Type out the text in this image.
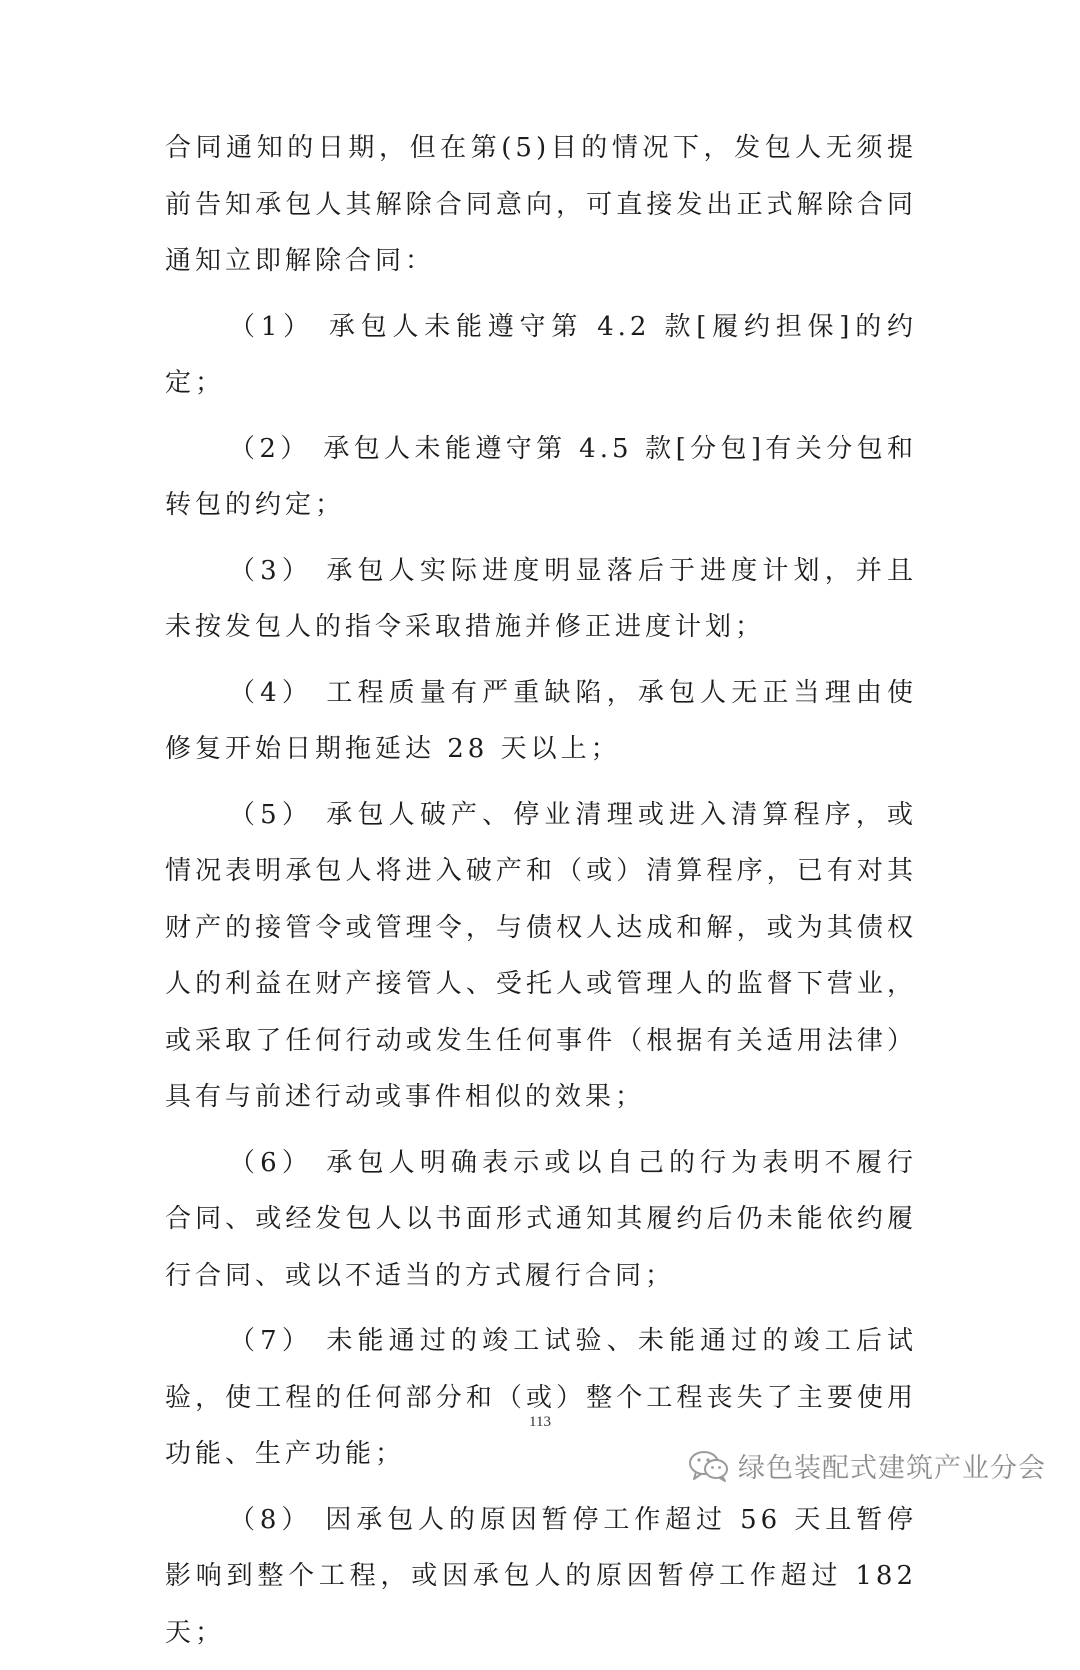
合同通知的日期，但在第(5)目的情况下，发包人无须提前告知承包人其解除合同意向，可直接发出正式解除合同通知立即解除合同：

（1） 承包人未能遵守第 4.2 款[履约担保]的约定；

（2） 承包人未能遵守第 4.5 款[分包]有关分包和转包的约定；

（3） 承包人实际进度明显落后于进度计划，并且未按发包人的指令采取措施并修正进度计划；

（4） 工程质量有严重缺陷，承包人无正当理由使修复开始日期拖延达 28 天以上；

（5） 承包人破产、停业清理或进入清算程序，或情况表明承包人将进入破产和（或）清算程序，已有对其财产的接管令或管理令，与债权人达成和解，或为其债权人的利益在财产接管人、受托人或管理人的监督下营业，或采取了任何行动或发生任何事件（根据有关适用法律）具有与前述行动或事件相似的效果；

（6） 承包人明确表示或以自己的行为表明不履行合同、或经发包人以书面形式通知其履约后仍未能依约履行合同、或以不适当的方式履行合同；

（7） 未能通过的竣工试验、未能通过的竣工后试验，使工程的任何部分和（或）整个工程丧失了主要使用功能、生产功能；

（8） 因承包人的原因暂停工作超过 56 天且暂停影响到整个工程，或因承包人的原因暂停工作超过 182 天；

113
绿色装配式建筑产业分会
